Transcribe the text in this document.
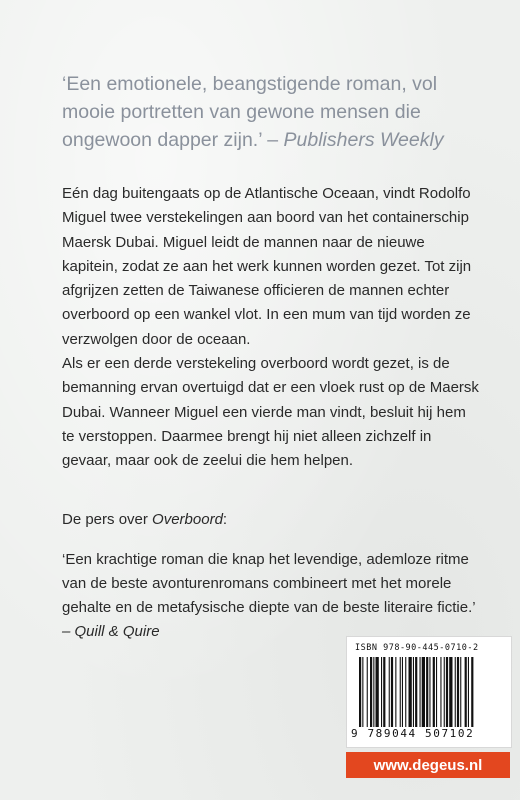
‘Een emotionele, beangstigende roman, vol mooie portretten van gewone mensen die ongewoon dapper zijn.’ – Publishers Weekly

Eén dag buitengaats op de Atlantische Oceaan, vindt Rodolfo Miguel twee verstekelingen aan boord van het containerschip Maersk Dubai. Miguel leidt de mannen naar de nieuwe kapitein, zodat ze aan het werk kunnen worden gezet. Tot zijn afgrijzen zetten de Taiwanese officieren de mannen echter overboord op een wankel vlot. In een mum van tijd worden ze verzwolgen door de oceaan.

Als er een derde verstekeling overboord wordt gezet, is de bemanning ervan overtuigd dat er een vloek rust op de Maersk Dubai. Wanneer Miguel een vierde man vindt, besluit hij hem te verstoppen. Daarmee brengt hij niet alleen zichzelf in gevaar, maar ook de zeelui die hem helpen.

De pers over Overboord:
‘Een krachtige roman die knap het levendige, ademloze ritme van de beste avonturenromans combineert met het morele gehalte en de metafysische diepte van de beste literaire fictie.’
– Quill & Quire
ISBN 978-90-445-0710-2
9 789044 507102
www.degeus.nl
